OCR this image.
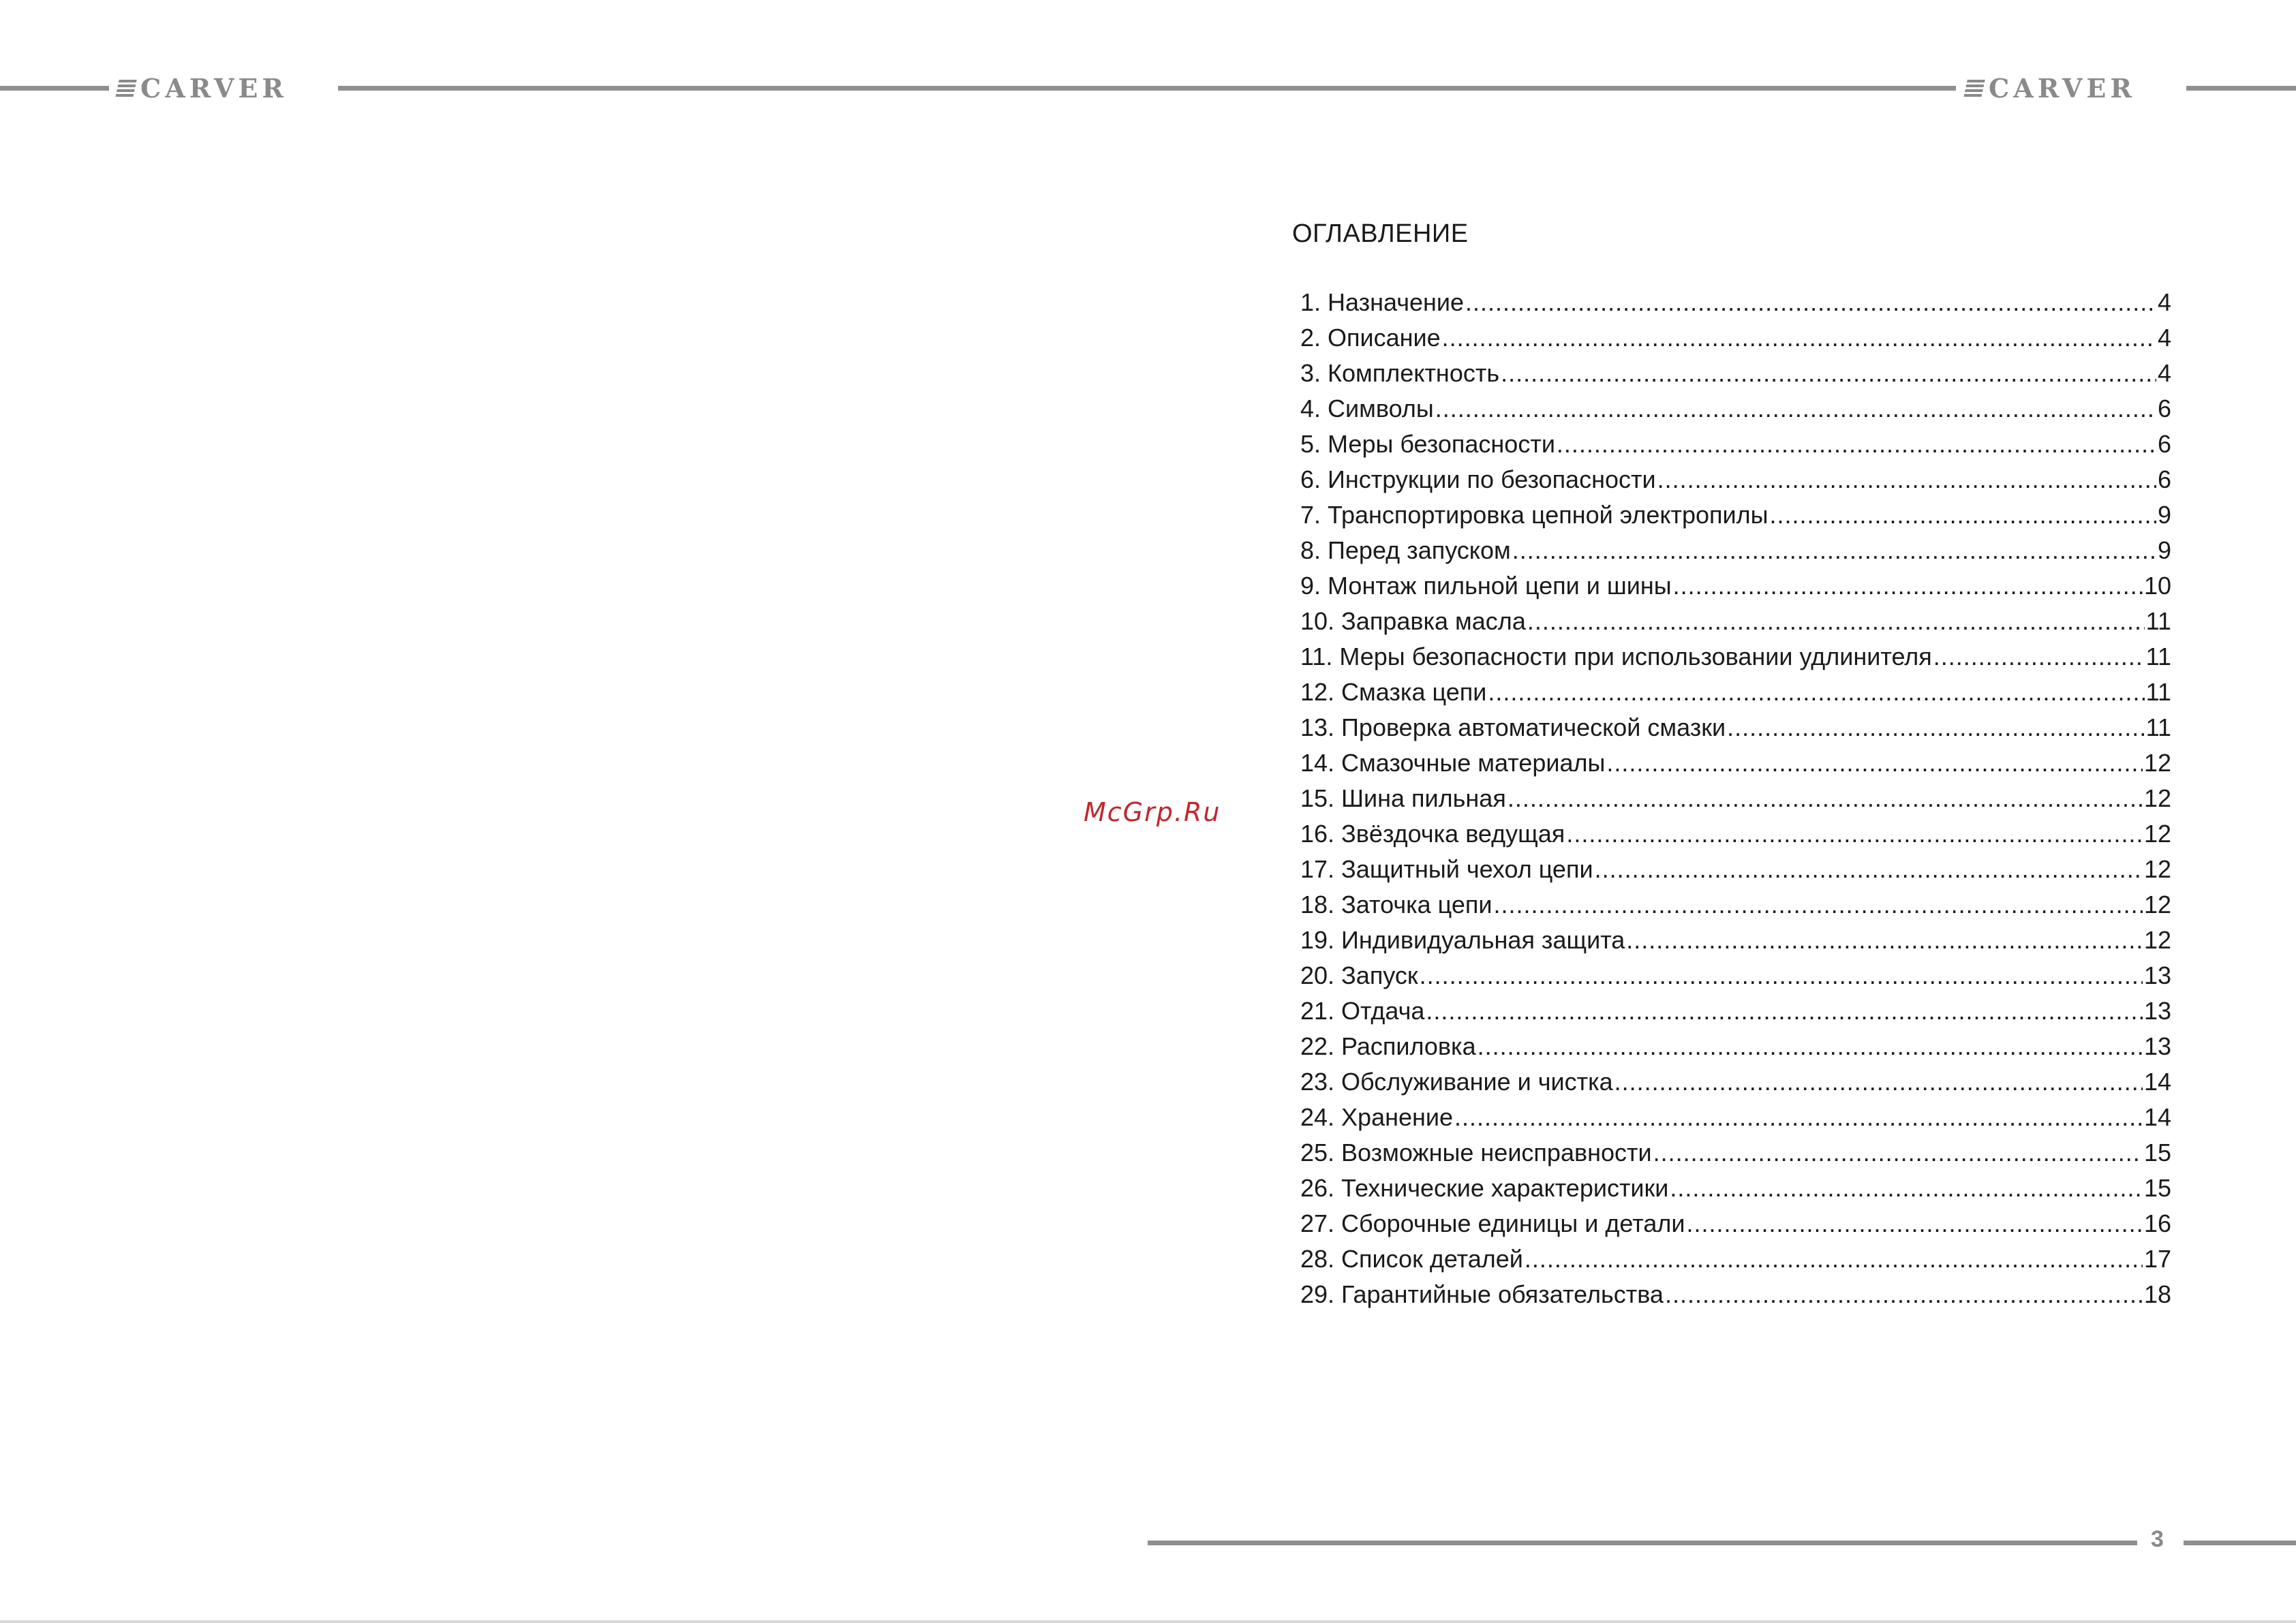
CARVER	CARVER
ОГЛАВЛЕНИЕ
1. Назначение .....	4
2. Описание .....	4
3. Комплектность .....	4
4. Символы .....	6
5. Меры безопасности .....	6
6. Инструкции по безопасности .....	6
7. Транспортировка цепной электропилы .....	9
8. Перед запуском .....	9
9. Монтаж пильной цепи и шины .....	10
10. Заправка масла .....	11
11. Меры безопасности при использовании удлинителя .....	11
12. Смазка цепи .....	11
13. Проверка автоматической смазки .....	11
14. Смазочные материалы .....	12
15. Шина пильная .....	12
16. Звёздочка ведущая .....	12
17. Защитный чехол цепи .....	12
18. Заточка цепи .....	12
19. Индивидуальная защита .....	12
20. Запуск .....	13
21. Отдача .....	13
22. Распиловка .....	13
23. Обслуживание и чистка .....	14
24. Хранение .....	14
25. Возможные неисправности .....	15
26. Технические характеристики .....	15
27. Сборочные единицы и детали .....	16
28. Список деталей .....	17
29. Гарантийные обязательства .....	18
McGrp.Ru
3
